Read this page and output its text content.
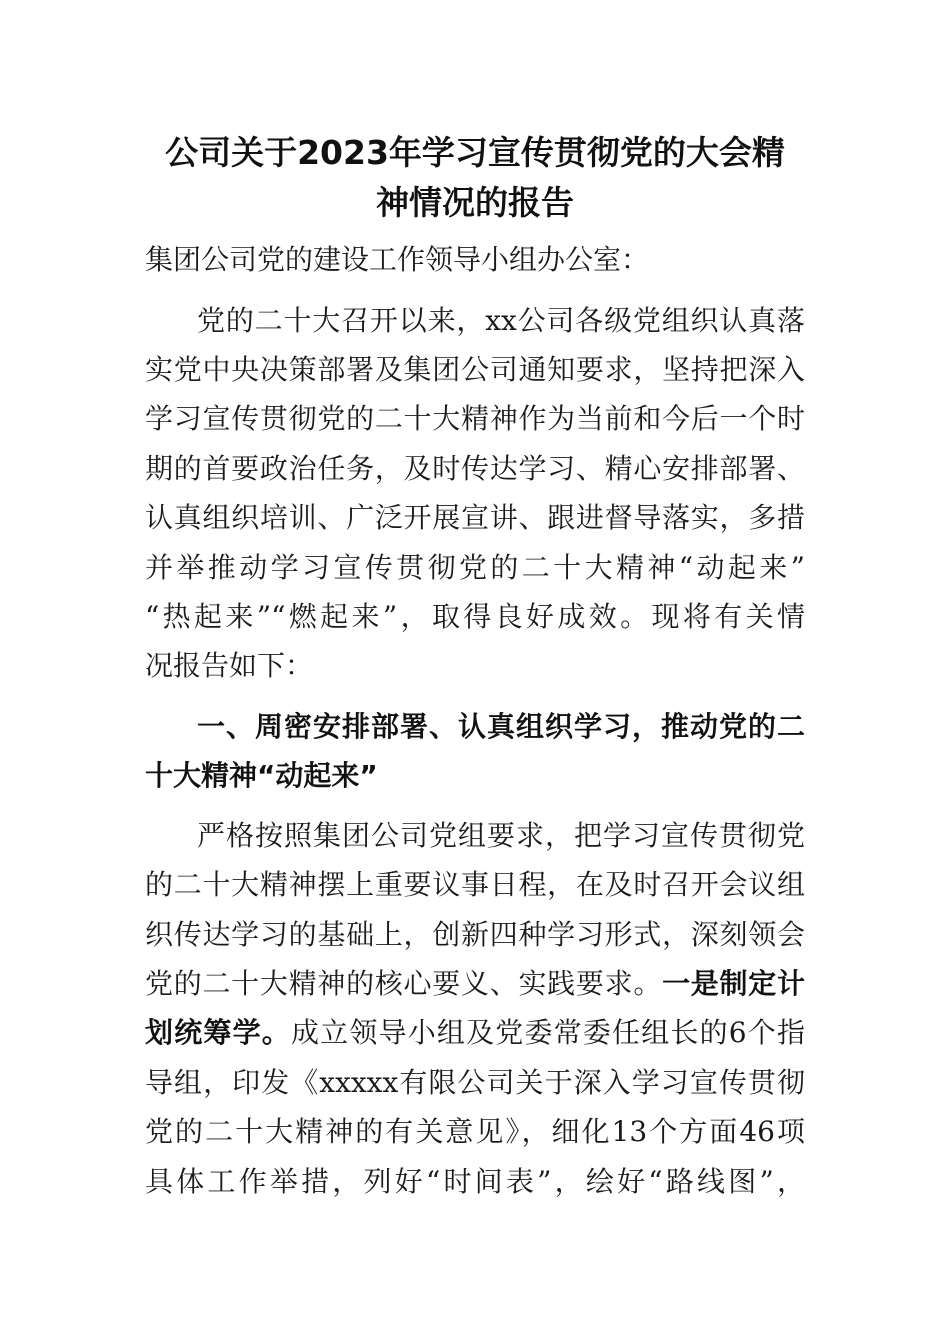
公司关于2023年学习宣传贯彻党的大会精
神情况的报告
集团公司党的建设工作领导小组办公室：
党的二十大召开以来，xx公司各级党组织认真落
实党中央决策部署及集团公司通知要求，坚持把深入
学习宣传贯彻党的二十大精神作为当前和今后一个时
期的首要政治任务，及时传达学习、精心安排部署、
认真组织培训、广泛开展宣讲、跟进督导落实，多措
并举推动学习宣传贯彻党的二十大精神“动起来”
“热起来”“燃起来”，取得良好成效。现将有关情
况报告如下：
一、周密安排部署、认真组织学习，推动党的二
十大精神“动起来”
严格按照集团公司党组要求，把学习宣传贯彻党
的二十大精神摆上重要议事日程，在及时召开会议组
织传达学习的基础上，创新四种学习形式，深刻领会
党的二十大精神的核心要义、实践要求。一是制定计
划统筹学。成立领导小组及党委常委任组长的6个指
导组，印发《xxxxx有限公司关于深入学习宣传贯彻
党的二十大精神的有关意见》，细化13个方面46项
具体工作举措，列好“时间表”，绘好“路线图”，
